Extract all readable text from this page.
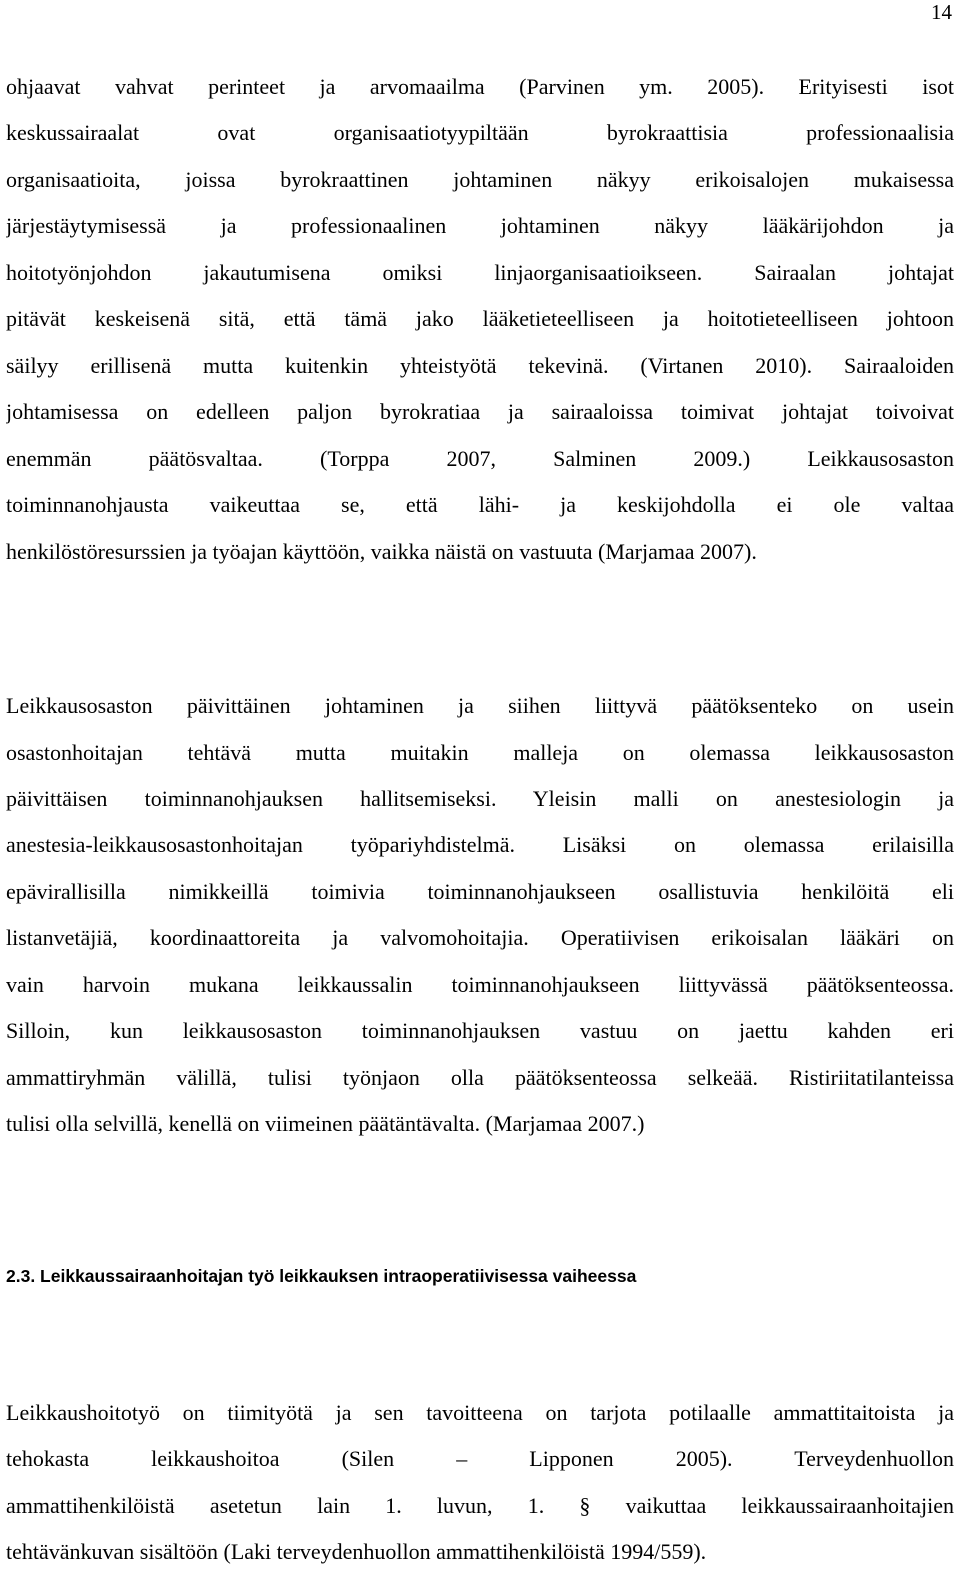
14
ohjaavat vahvat perinteet ja arvomaailma (Parvinen ym. 2005). Erityisesti isot
keskussairaalat ovat organisaatiotyypiltään byrokraattisia professionaalisia
organisaatioita, joissa byrokraattinen johtaminen näkyy erikoisalojen mukaisessa
järjestäytymisessä ja professionaalinen johtaminen näkyy lääkärijohdon ja
hoitotyönjohdon jakautumisena omiksi linjaorganisaatioikseen. Sairaalan johtajat
pitävät keskeisenä sitä, että tämä jako lääketieteelliseen ja hoitotieteelliseen johtoon
säilyy erillisenä mutta kuitenkin yhteistyötä tekevinä. (Virtanen 2010). Sairaaloiden
johtamisessa on edelleen paljon byrokratiaa ja sairaaloissa toimivat johtajat toivoivat
enemmän päätösvaltaa. (Torppa 2007, Salminen 2009.) Leikkausosaston
toiminnanohjausta vaikeuttaa se, että lähi- ja keskijohdolla ei ole valtaa
henkilöstöresurssien ja työajan käyttöön, vaikka näistä on vastuuta (Marjamaa 2007).
Leikkausosaston päivittäinen johtaminen ja siihen liittyvä päätöksenteko on usein
osastonhoitajan tehtävä mutta muitakin malleja on olemassa leikkausosaston
päivittäisen toiminnanohjauksen hallitsemiseksi. Yleisin malli on anestesiologin ja
anestesia-leikkausosastonhoitajan työpariyhdistelmä. Lisäksi on olemassa erilaisilla
epävirallisilla nimikkeillä toimivia toiminnanohjaukseen osallistuvia henkilöitä eli
listanvetäjiä, koordinaattoreita ja valvomohoitajia. Operatiivisen erikoisalan lääkäri on
vain harvoin mukana leikkaussalin toiminnanohjaukseen liittyvässä päätöksenteossa.
Silloin, kun leikkausosaston toiminnanohjauksen vastuu on jaettu kahden eri
ammattiryhmän välillä, tulisi työnjaon olla päätöksenteossa selkeää. Ristiriitatilanteissa
tulisi olla selvillä, kenellä on viimeinen päätäntävalta. (Marjamaa 2007.)
2.3. Leikkaussairaanhoitajan työ leikkauksen intraoperatiivisessa vaiheessa
Leikkaushoitotyö on tiimityötä ja sen tavoitteena on tarjota potilaalle ammattitaitoista ja
tehokasta leikkaushoitoa (Silen – Lipponen 2005). Terveydenhuollon
ammattihenkilöistä asetetun lain 1. luvun, 1. § vaikuttaa leikkaussairaanhoitajien
tehtävänkuvan sisältöön (Laki terveydenhuollon ammattihenkilöistä 1994/559).
